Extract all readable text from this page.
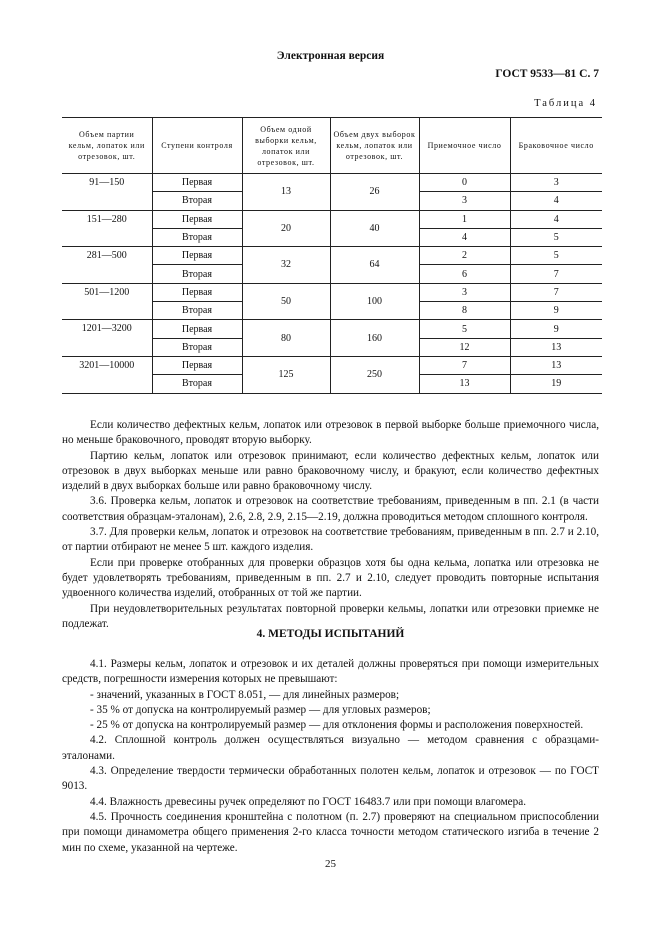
Электронная версия
ГОСТ 9533—81 С. 7
Таблица 4
Объем партии кельм, лопаток или отрезовок, шт.	Ступени контроля	Объем одной выборки кельм, лопаток или отрезовок, шт.	Объем двух выборок кельм, лопаток или отрезовок, шт.	Приемочное число	Браковочное число
91—150	Первая	13	26	0	3
	Вторая			3	4
151—280	Первая	20	40	1	4
	Вторая			4	5
281—500	Первая	32	64	2	5
	Вторая			6	7
501—1200	Первая	50	100	3	7
	Вторая			8	9
1201—3200	Первая	80	160	5	9
	Вторая			12	13
3201—10000	Первая	125	250	7	13
	Вторая			13	19

Если количество дефектных кельм, лопаток или отрезовок в первой выборке больше приемочного числа, но меньше браковочного, проводят вторую выборку.

Партию кельм, лопаток или отрезовок принимают, если количество дефектных кельм, лопаток или отрезовок в двух выборках меньше или равно браковочному числу, и бракуют, если количество дефектных изделий в двух выборках больше или равно браковочному числу.

3.6. Проверка кельм, лопаток и отрезовок на соответствие требованиям, приведенным в пп. 2.1 (в части соответствия образцам-эталонам), 2.6, 2.8, 2.9, 2.15—2.19, должна проводиться методом сплошного контроля.

3.7. Для проверки кельм, лопаток и отрезовок на соответствие требованиям, приведенным в пп. 2.7 и 2.10, от партии отбирают не менее 5 шт. каждого изделия.

Если при проверке отобранных для проверки образцов хотя бы одна кельма, лопатка или отрезовка не будет удовлетворять требованиям, приведенным в пп. 2.7 и 2.10, следует проводить повторные испытания удвоенного количества изделий, отобранных от той же партии.

При неудовлетворительных результатах повторной проверки кельмы, лопатки или отрезовки приемке не подлежат.

4. МЕТОДЫ ИСПЫТАНИЙ

4.1. Размеры кельм, лопаток и отрезовок и их деталей должны проверяться при помощи измерительных средств, погрешности измерения которых не превышают:

- значений, указанных в ГОСТ 8.051, — для линейных размеров;

- 35 % от допуска на контролируемый размер — для угловых размеров;

- 25 % от допуска на контролируемый размер — для отклонения формы и расположения поверхностей.

4.2. Сплошной контроль должен осуществляться визуально — методом сравнения с образцами-эталонами.

4.3. Определение твердости термически обработанных полотен кельм, лопаток и отрезовок — по ГОСТ 9013.

4.4. Влажность древесины ручек определяют по ГОСТ 16483.7 или при помощи влагомера.

4.5. Прочность соединения кронштейна с полотном (п. 2.7) проверяют на специальном приспособлении при помощи динамометра общего применения 2-го класса точности методом статического изгиба в течение 2 мин по схеме, указанной на чертеже.

25
